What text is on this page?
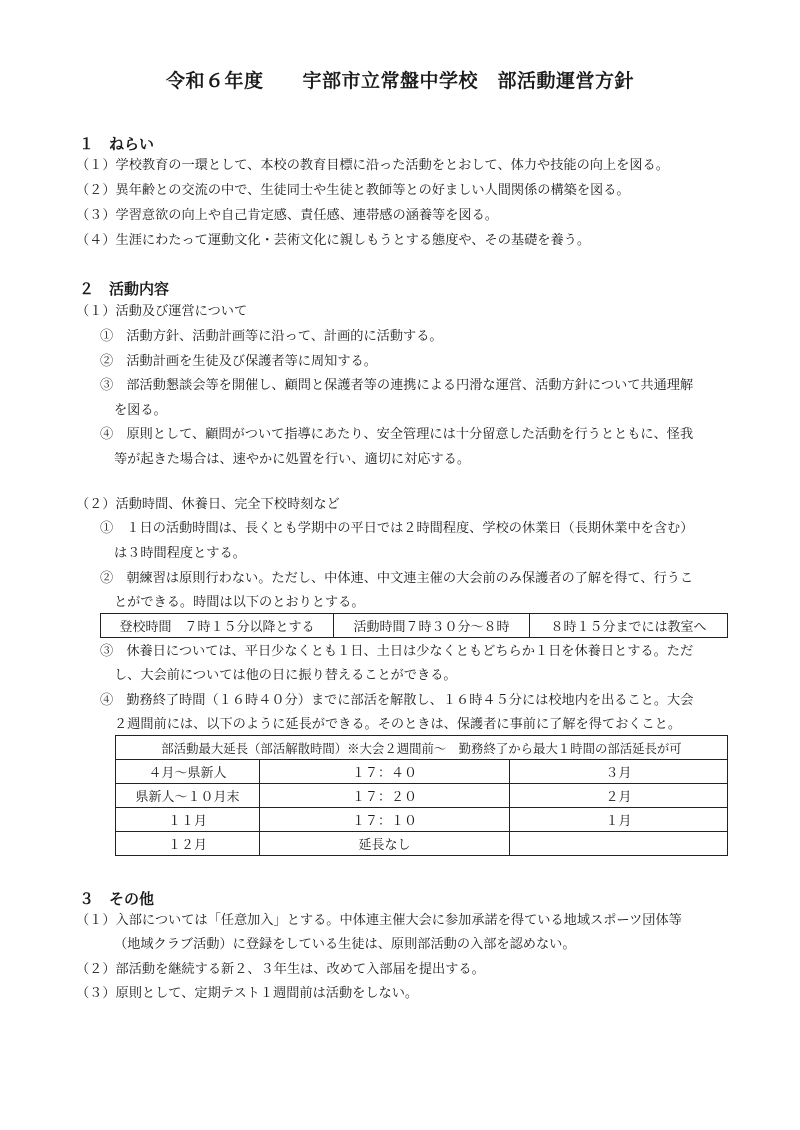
令和６年度　　宇部市立常盤中学校　部活動運営方針
１　ねらい
（１）学校教育の一環として、本校の教育目標に沿った活動をとおして、体力や技能の向上を図る。
（２）異年齢との交流の中で、生徒同士や生徒と教師等との好ましい人間関係の構築を図る。
（３）学習意欲の向上や自己肯定感、責任感、連帯感の涵養等を図る。
（４）生涯にわたって運動文化・芸術文化に親しもうとする態度や、その基礎を養う。
２　活動内容
（１）活動及び運営について
①　活動方針、活動計画等に沿って、計画的に活動する。
②　活動計画を生徒及び保護者等に周知する。
③　部活動懇談会等を開催し、顧問と保護者等の連携による円滑な運営、活動方針について共通理解
を図る。
④　原則として、顧問がついて指導にあたり、安全管理には十分留意した活動を行うとともに、怪我
等が起きた場合は、速やかに処置を行い、適切に対応する。
（２）活動時間、休養日、完全下校時刻など
①　１日の活動時間は、長くとも学期中の平日では２時間程度、学校の休業日（長期休業中を含む）
は３時間程度とする。
②　朝練習は原則行わない。ただし、中体連、中文連主催の大会前のみ保護者の了解を得て、行うこ
とができる。時間は以下のとおりとする。
登校時間　７時１５分以降とする	活動時間７時３０分～８時	８時１５分までには教室へ
③　休養日については、平日少なくとも１日、土日は少なくともどちらか１日を休養日とする。ただ
し、大会前については他の日に振り替えることができる。
④　勤務終了時間（１６時４０分）までに部活を解散し、１６時４５分には校地内を出ること。大会
２週間前には、以下のように延長ができる。そのときは、保護者に事前に了解を得ておくこと。
部活動最大延長（部活解散時間）※大会２週間前～　勤務終了から最大１時間の部活延長が可		
４月～県新人	１７：４０	３月
県新人～１０月末	１７：２０	２月
１１月	１７：１０	１月
１２月	延長なし	
３　その他
（１）入部については「任意加入」とする。中体連主催大会に参加承諾を得ている地域スポーツ団体等
（地域クラブ活動）に登録をしている生徒は、原則部活動の入部を認めない。
（２）部活動を継続する新２、３年生は、改めて入部届を提出する。
（３）原則として、定期テスト１週間前は活動をしない。
